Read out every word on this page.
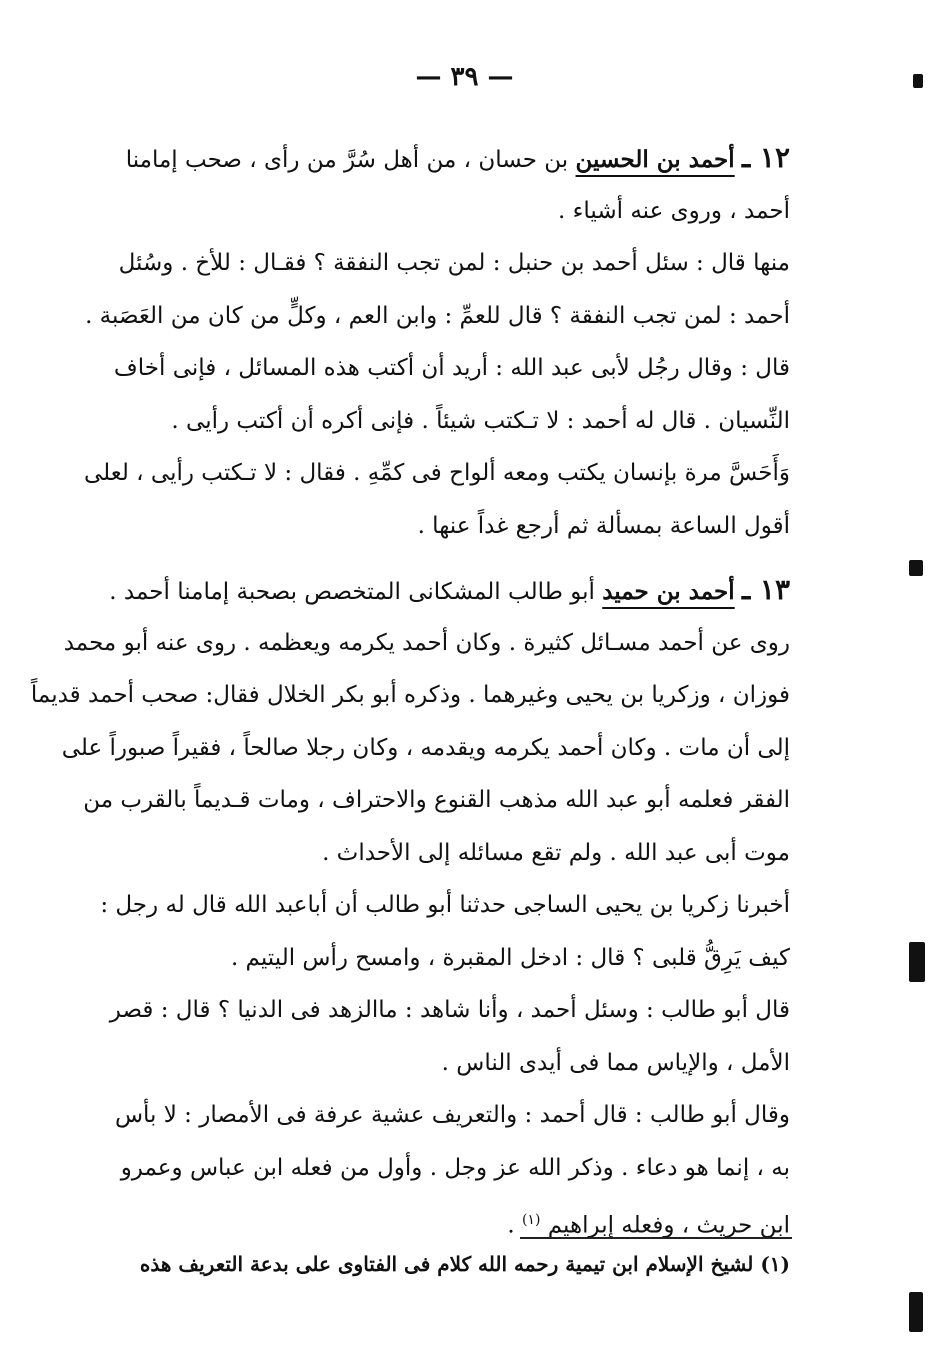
— ٣٩ —
١٢ ـ أحمد بن الحسين بن حسان ، من أهل سُرَّ من رأى ، صحب إمامنا
أحمد ، وروى عنه أشياء .
منها قال : سئل أحمد بن حنبل : لمن تجب النفقة ؟ فقـال : للأخ . وسُئل
أحمد : لمن تجب النفقة ؟ قال للعمِّ : وابن العم ، وكلٍّ من كان من العَصَبة .
قال : وقال رجُل لأبى عبد الله : أريد أن أكتب هذه المسائل ، فإنى أخاف
النِّسيان . قال له أحمد : لا تـكتب شيئاً . فإنى أكره أن أكتب رأيى .
وَأَحَسَّ مرة بإنسان يكتب ومعه ألواح فى كمِّهِ . فقال : لا تـكتب رأيى ، لعلى
أقول الساعة بمسألة ثم أرجع غداً عنها .
١٣ ـ أحمد بن حميد أبو طالب المشكانى المتخصص بصحبة إمامنا أحمد .
روى عن أحمد مسـائل كثيرة . وكان أحمد يكرمه ويعظمه . روى عنه أبو محمد
فوزان ، وزكريا بن يحيى وغيرهما . وذكره أبو بكر الخلال فقال: صحب أحمد قديماً
إلى أن مات . وكان أحمد يكرمه ويقدمه ، وكان رجلا صالحاً ، فقيراً صبوراً على
الفقر فعلمه أبو عبد الله مذهب القنوع والاحتراف ، ومات قـديماً بالقرب من
موت أبى عبد الله . ولم تقع مسائله إلى الأحداث .
أخبرنا زكريا بن يحيى الساجى حدثنا أبو طالب أن أباعبد الله قال له رجل :
كيف يَرِقُّ قلبى ؟ قال : ادخل المقبرة ، وامسح رأس اليتيم .
قال أبو طالب : وسئل أحمد ، وأنا شاهد : ماالزهد فى الدنيا ؟ قال : قصر
الأمل ، والإياس مما فى أيدى الناس .
وقال أبو طالب : قال أحمد : والتعريف عشية عرفة فى الأمصار : لا بأس
به ، إنما هو دعاء . وذكر الله عز وجل . وأول من فعله ابن عباس وعمرو
ابن حريث ، وفعله إبراهيم $^{(١)}$ .
(١) لشيخ الإسلام ابن تيمية رحمه الله كلام فى الفتاوى على بدعة التعريف هذه
